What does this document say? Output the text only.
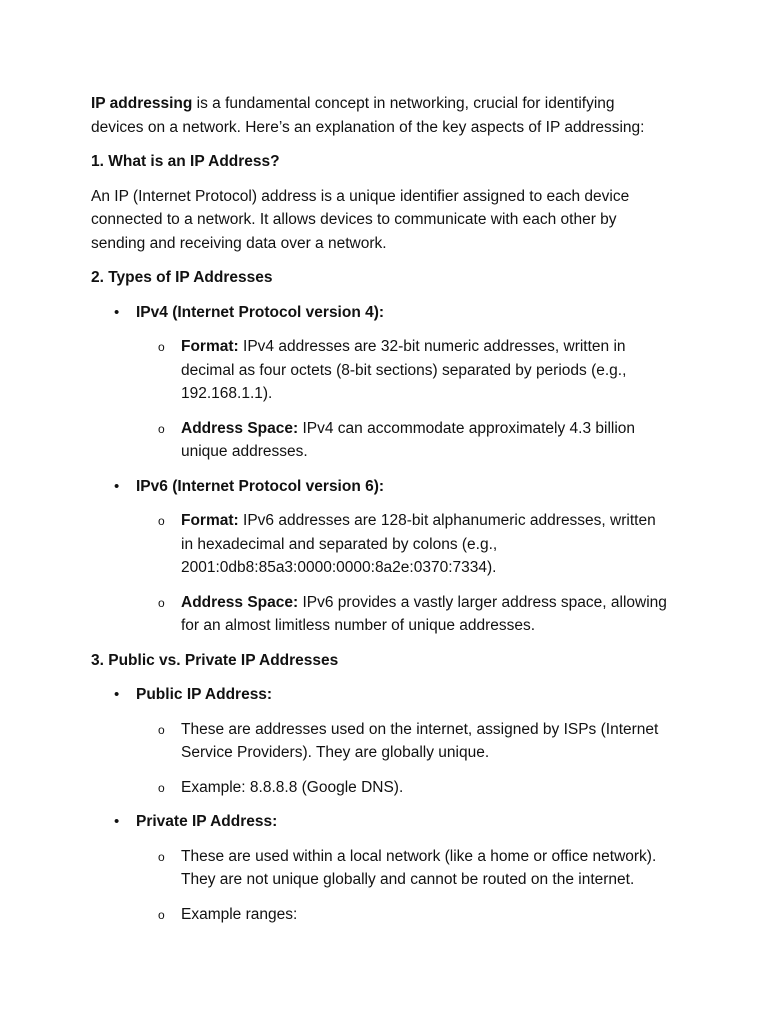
IP addressing is a fundamental concept in networking, crucial for identifying devices on a network. Here’s an explanation of the key aspects of IP addressing:

1. What is an IP Address?

An IP (Internet Protocol) address is a unique identifier assigned to each device connected to a network. It allows devices to communicate with each other by sending and receiving data over a network.

2. Types of IP Addresses

• IPv4 (Internet Protocol version 4):
o Format: IPv4 addresses are 32-bit numeric addresses, written in decimal as four octets (8-bit sections) separated by periods (e.g., 192.168.1.1).
o Address Space: IPv4 can accommodate approximately 4.3 billion unique addresses.
• IPv6 (Internet Protocol version 6):
o Format: IPv6 addresses are 128-bit alphanumeric addresses, written in hexadecimal and separated by colons (e.g., 2001:0db8:85a3:0000:0000:8a2e:0370:7334).
o Address Space: IPv6 provides a vastly larger address space, allowing for an almost limitless number of unique addresses.

3. Public vs. Private IP Addresses

• Public IP Address:
o These are addresses used on the internet, assigned by ISPs (Internet Service Providers). They are globally unique.
o Example: 8.8.8.8 (Google DNS).
• Private IP Address:
o These are used within a local network (like a home or office network). They are not unique globally and cannot be routed on the internet.
o Example ranges:
